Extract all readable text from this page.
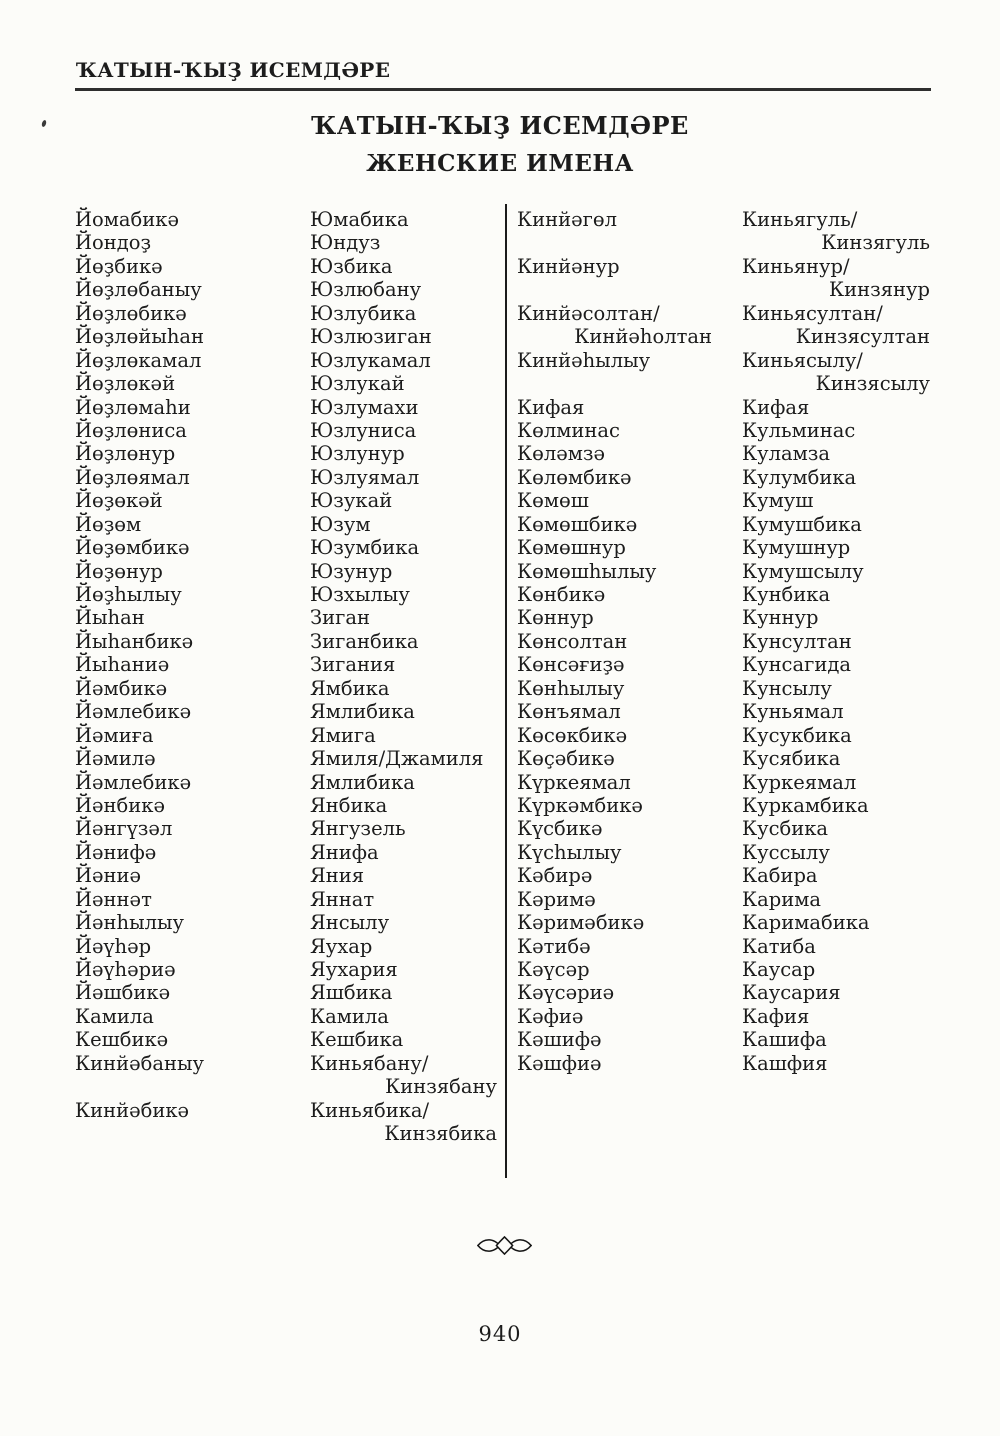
ҠАТЫН-ҠЫҘ ИСЕМДӘРЕ
ҠАТЫН-ҠЫҘ ИСЕМДӘРЕ
ЖЕНСКИЕ ИМЕНА
Йомабикә	Юмабика
Йондоҙ	Юндуз
Йөҙбикә	Юзбика
Йөҙлөбаныу	Юзлюбану
Йөҙлөбикә	Юзлубика
Йөҙлөйыһан	Юзлюзиган
Йөҙлөкамал	Юзлукамал
Йөҙлөкәй	Юзлукай
Йөҙлөмаһи	Юзлумахи
Йөҙлөниса	Юзлуниса
Йөҙлөнур	Юзлунур
Йөҙлөямал	Юзлуямал
Йөҙөкәй	Юзукай
Йөҙөм	Юзум
Йөҙөмбикә	Юзумбика
Йөҙөнур	Юзунур
Йөҙһылыу	Юзхылыу
Йыһан	Зиган
Йыһанбикә	Зиганбика
Йыһаниә	Зигания
Йәмбикә	Ямбика
Йәмлебикә	Ямлибика
Йәмиға	Ямига
Йәмилә	Ямиля/Джамиля
Йәмлебикә	Ямлибика
Йәнбикә	Янбика
Йәнгүзәл	Янгузель
Йәнифә	Янифа
Йәниә	Яния
Йәннәт	Яннат
Йәнһылыу	Янсылу
Йәүһәр	Яухар
Йәүһәриә	Яухария
Йәшбикә	Яшбика
Камила	Камила
Кешбикә	Кешбика
Кинйәбаныу	Киньябану/
Кинзябану
Кинйәбикә	Киньябика/
Кинзябика
Кинйәгөл	Киньягуль/
Кинзягуль
Кинйәнур	Киньянур/
Кинзянур
Кинйәсолтан/	Киньясултан/
Кинйәһолтан	Кинзясултан
Кинйәһылыу	Киньясылу/
Кинзясылу
Кифая	Кифая
Көлминас	Кульминас
Көләмзә	Куламза
Көлөмбикә	Кулумбика
Көмөш	Кумуш
Көмөшбикә	Кумушбика
Көмөшнур	Кумушнур
Көмөшһылыу	Кумушсылу
Көнбикә	Кунбика
Көннур	Куннур
Көнсолтан	Кунсултан
Көнсәғиҙә	Кунсагида
Көнһылыу	Кунсылу
Көнъямал	Куньямал
Көсөкбикә	Кусукбика
Көҫәбикә	Кусябика
Күркеямал	Куркеямал
Күркәмбикә	Куркамбика
Күсбикә	Кусбика
Күсһылыу	Куссылу
Кәбирә	Кабира
Кәримә	Карима
Кәримәбикә	Каримабика
Кәтибә	Катиба
Кәүсәр	Каусар
Кәүсәриә	Каусария
Кәфиә	Кафия
Кәшифә	Кашифа
Кәшфиә	Кашфия
940
